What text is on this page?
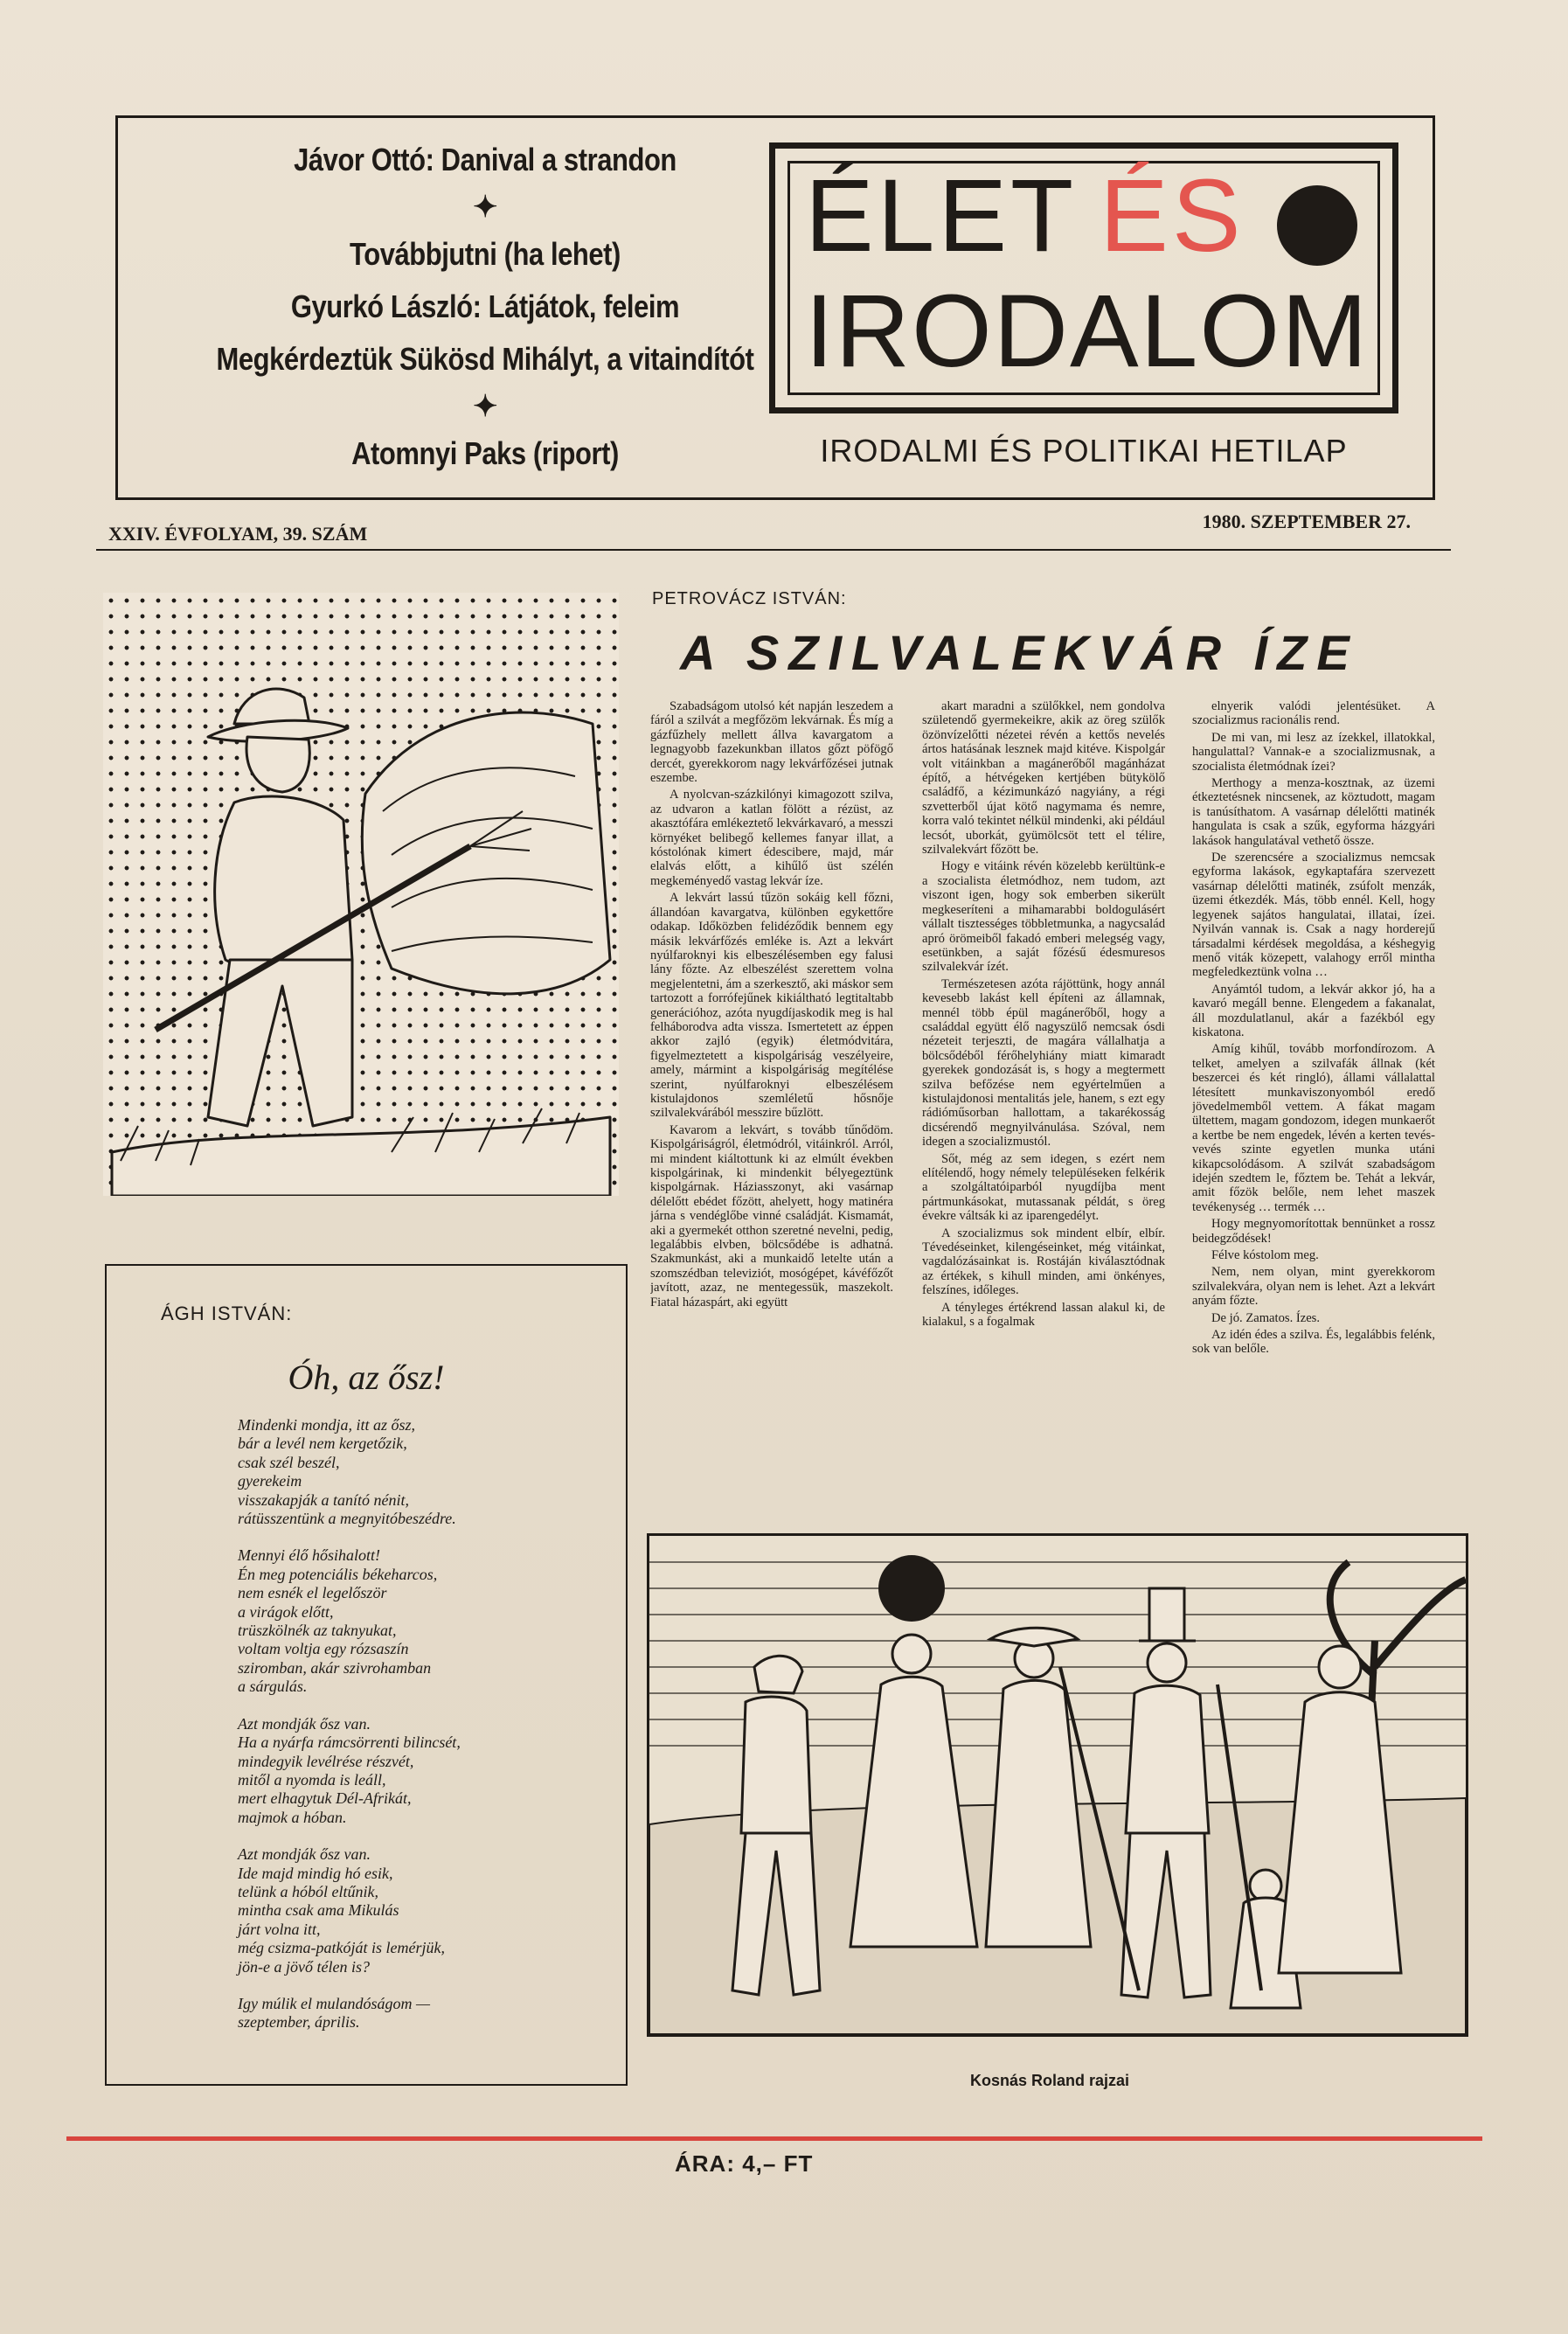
Jávor Ottó: Danival a strandon
✦
Továbbjutni (ha lehet)
Gyurkó László: Látjátok, feleim
Megkérdeztük Sükösd Mihályt, a vitaindítót
✦
Atomnyi Paks (riport)
ÉLET ÉS
IRODALOM
IRODALMI ÉS POLITIKAI HETILAP
XXIV. ÉVFOLYAM, 39. SZÁM
1980. SZEPTEMBER 27.
ÁGH ISTVÁN:
Óh, az ősz!
Mindenki mondja, itt az ősz,
bár a levél nem kergetőzik,
csak szél beszél,
gyerekeim
visszakapják a tanító nénit,
rátüsszentünk a megnyitóbeszédre.
Mennyi élő hősihalott!
Én meg potenciális békeharcos,
nem esnék el legelőször
a virágok előtt,
trüszkölnék az taknyukat,
voltam voltja egy rózsaszín
sziromban, akár szivrohamban
a sárgulás.
Azt mondják ősz van.
Ha a nyárfa rámcsörrenti bilincsét,
mindegyik levélrése részvét,
mitől a nyomda is leáll,
mert elhagytuk Dél-Afrikát,
majmok a hóban.
Azt mondják ősz van.
Ide majd mindig hó esik,
telünk a hóból eltűnik,
mintha csak ama Mikulás
járt volna itt,
még csizma-patkóját is lemérjük,
jön-e a jövő télen is?
Igy múlik el mulandóságom —
szeptember, április.
PETROVÁCZ ISTVÁN:
A SZILVALEKVÁR ÍZE

Szabadságom utolsó két napján leszedem a fáról a szilvát a megfőzöm lekvárnak. És míg a gázfűzhely mellett állva kavargatom a legnagyobb fazekunkban illatos gőzt pöfögő dercét, gyerekkorom nagy lekvárfőzései jutnak eszembe.

A nyolcvan-százkilónyi kimagozott szilva, az udvaron a katlan fölött a rézüst, az akasztófára emlékeztető lekvárkavaró, a messzi környéket belibegő kellemes fanyar illat, a kóstolónak kimert édescibere, majd, már elalvás előtt, a kihűlő üst szélén megkeményedő vastag lekvár íze.

A lekvárt lassú tűzön sokáig kell főzni, állandóan kavargatva, különben egykettőre odakap. Időközben felidéződik bennem egy másik lekvárfőzés emléke is. Azt a lekvárt nyúlfaroknyi kis elbeszélésemben egy falusi lány főzte. Az elbeszélést szerettem volna megjelentetni, ám a szerkesztő, aki máskor sem tartozott a forrófejűnek kikiáltható legtitaltabb generációhoz, azóta nyugdíjaskodik meg is hal felháborodva adta vissza. Ismertetett az éppen akkor zajló (egyik) életmódvitára, figyelmeztetett a kispolgáriság veszélyeire, amely, mármint a kispolgáriság megítélése szerint, nyúlfaroknyi elbeszélésem kistulajdonos szemléletű hősnője szilvalekvárából messzire bűzlött.

Kavarom a lekvárt, s tovább tűnődöm. Kispolgáriságról, életmódról, vitáinkról. Arról, mi mindent kiáltottunk ki az elmúlt években kispolgárinak, ki mindenkit bélyegeztünk kispolgárnak. Háziasszonyt, aki vasárnap délelőtt ebédet főzött, ahelyett, hogy matinéra járna s vendéglőbe vinné családját. Kismamát, aki a gyermekét otthon szeretné nevelni, pedig, legalábbis elvben, bölcsődébe is adhatná. Szakmunkást, aki a munkaidő letelte után a szomszédban televiziót, mosógépet, kávéfőzőt javított, azaz, ne mentegessük, maszekolt. Fiatal házaspárt, aki együtt

akart maradni a szülőkkel, nem gondolva születendő gyermekeikre, akik az öreg szülők özönvízelőtti nézetei révén a kettős nevelés ártos hatásának lesznek majd kitéve. Kispolgár volt vitáinkban a magánerőből magánházat építő, a hétvégeken kertjében bütykölő családfő, a kézimunkázó nagyiány, a régi szvetterből újat kötő nagymama és nemre, korra való tekintet nélkül mindenki, aki például lecsót, uborkát, gyümölcsöt tett el télire, szilvalekvárt főzött be.

Hogy e vitáink révén közelebb kerültünk-e a szocialista életmódhoz, nem tudom, azt viszont igen, hogy sok emberben sikerült megkeseríteni a mihamarabbi boldogulásért vállalt tisztességes többletmunka, a nagycsalád apró örömeiből fakadó emberi melegség vagy, esetünkben, a saját főzésű édesmuresos szilvalekvár ízét.

Természetesen azóta rájöttünk, hogy annál kevesebb lakást kell építeni az államnak, mennél több épül magánerőből, hogy a családdal együtt élő nagyszülő nemcsak ósdi nézeteit terjeszti, de magára vállalhatja a bölcsődéből férőhelyhiány miatt kimaradt gyerekek gondozását is, s hogy a megtermett szilva befőzése nem egyértelműen a kistulajdonosi mentalitás jele, hanem, s ezt egy rádióműsorban hallottam, a takarékosság dicsérendő megnyilvánulása. Szóval, nem idegen a szocializmustól.

Sőt, még az sem idegen, s ezért nem elítélendő, hogy némely településeken felkérik a szolgáltatóiparból nyugdíjba ment pártmunkásokat, mutassanak példát, s öreg évekre váltsák ki az iparengedélyt.

A szocializmus sok mindent elbír, elbír. Tévedéseinket, kilengéseinket, még vitáinkat, vagdalózásainkat is. Rostáján kiválasztódnak az értékek, s kihull minden, ami önkényes, felszínes, időleges.

A tényleges értékrend lassan alakul ki, de kialakul, s a fogalmak

elnyerik valódi jelentésüket. A szocializmus racionális rend.

De mi van, mi lesz az ízekkel, illatokkal, hangulattal? Vannak-e a szocializmusnak, a szocialista életmódnak ízei?

Merthogy a menza-kosztnak, az üzemi étkeztetésnek nincsenek, az köztudott, magam is tanúsíthatom. A vasárnap délelőtti matinék hangulata is csak a szűk, egyforma házgyári lakások hangulatával vethető össze.

De szerencsére a szocializmus nemcsak egyforma lakások, egykaptafára szervezett vasárnap délelőtti matinék, zsúfolt menzák, üzemi étkezdék. Más, több ennél. Kell, hogy legyenek sajátos hangulatai, illatai, ízei. Nyilván vannak is. Csak a nagy horderejű társadalmi kérdések megoldása, a késhegyig menő viták közepett, valahogy erről mintha megfeledkeztünk volna …

Anyámtól tudom, a lekvár akkor jó, ha a kavaró megáll benne. Elengedem a fakanalat, áll mozdulatlanul, akár a fazékból egy kiskatona.

Amíg kihűl, tovább morfondírozom. A telket, amelyen a szilvafák állnak (két beszercei és két ringló), állami vállalattal létesített munkaviszonyomból eredő jövedelmemből vettem. A fákat magam ültettem, magam gondozom, idegen munkaerőt a kertbe be nem engedek, lévén a kerten tevés-vevés szinte egyetlen munka utáni kikapcsolódásom. A szilvát szabadságom idején szedtem le, főztem be. Tehát a lekvár, amit főzök belőle, nem lehet maszek tevékenység … termék …

Hogy megnyomorítottak bennünket a rossz beidegződések!

Félve kóstolom meg.

Nem, nem olyan, mint gyerekkorom szilvalekvára, olyan nem is lehet. Azt a lekvárt anyám főzte.

De jó. Zamatos. Ízes.

Az idén édes a szilva. És, legalábbis felénk, sok van belőle.

Kosnás Roland rajzai
ÁRA: 4,– FT
